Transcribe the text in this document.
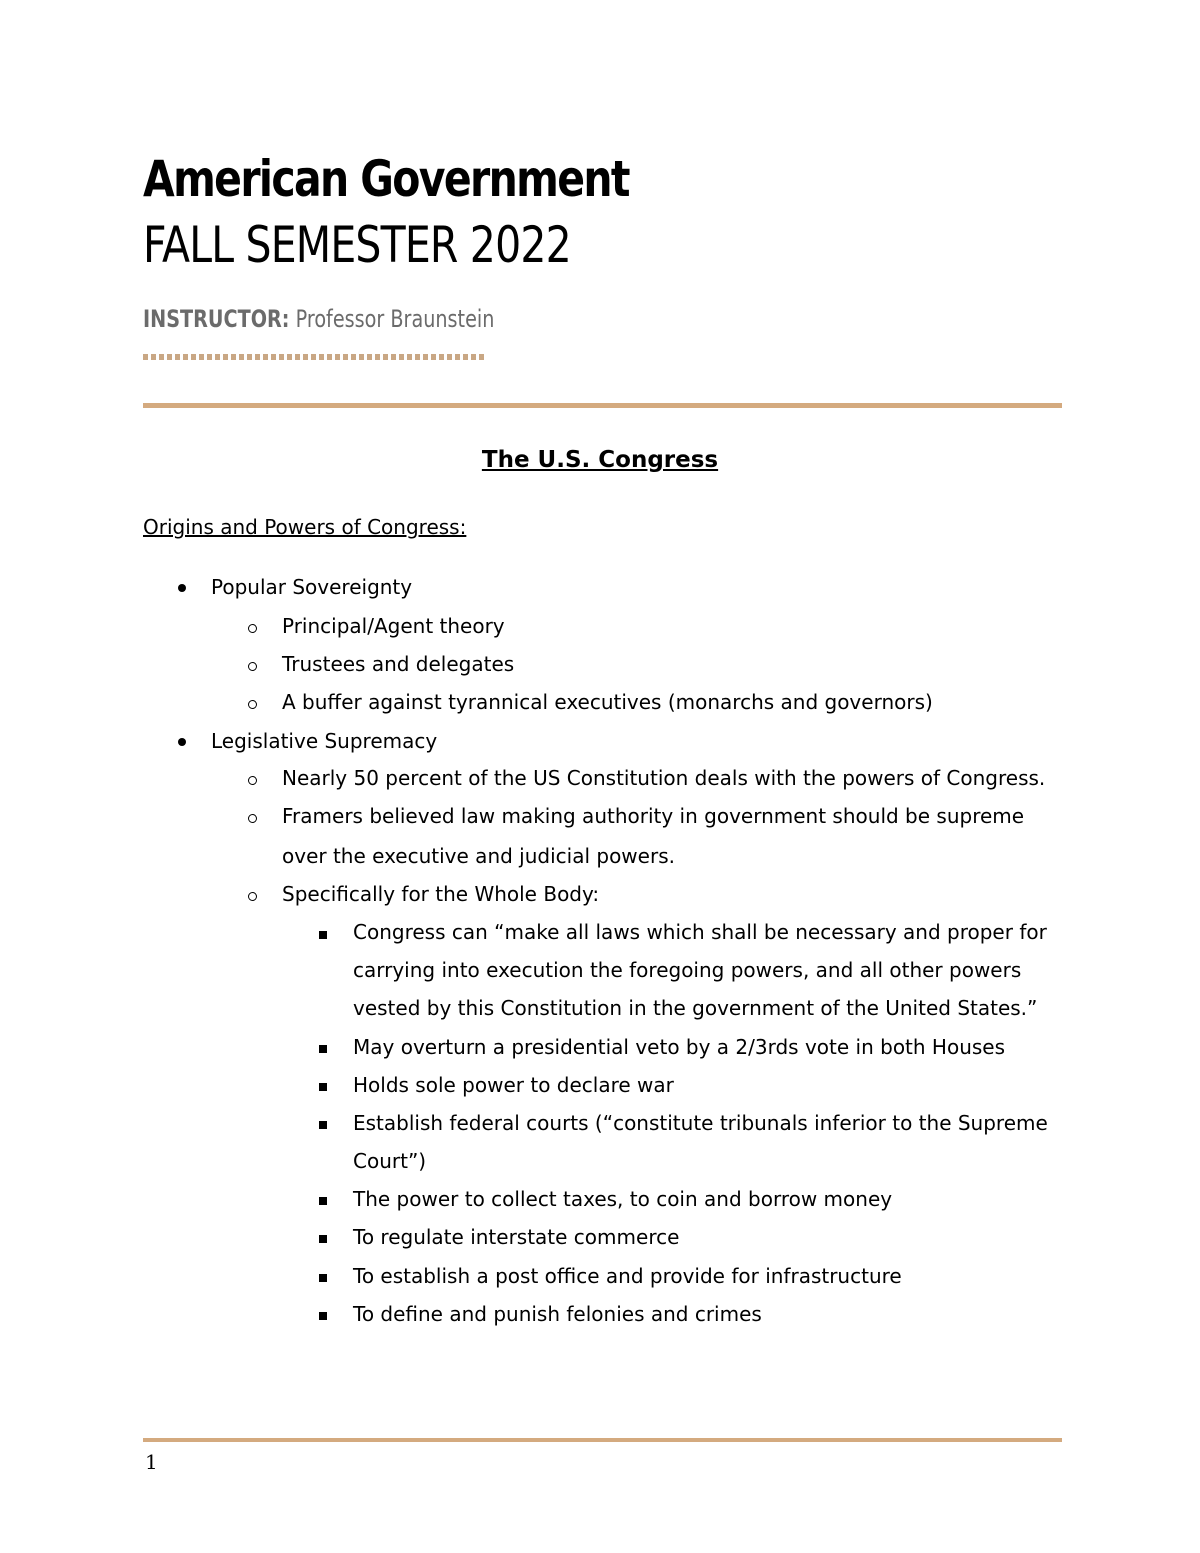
American Government
FALL SEMESTER 2022
INSTRUCTOR: Professor Braunstein
The U.S. Congress
Origins and Powers of Congress:
Popular Sovereignty
Principal/Agent theory
Trustees and delegates
A buffer against tyrannical executives (monarchs and governors)
Legislative Supremacy
Nearly 50 percent of the US Constitution deals with the powers of Congress.
Framers believed law making authority in government should be supreme
over the executive and judicial powers.
Specifically for the Whole Body:
Congress can “make all laws which shall be necessary and proper for
carrying into execution the foregoing powers, and all other powers
vested by this Constitution in the government of the United States.”
May overturn a presidential veto by a 2/3rds vote in both Houses
Holds sole power to declare war
Establish federal courts (“constitute tribunals inferior to the Supreme
Court”)
The power to collect taxes, to coin and borrow money
To regulate interstate commerce
To establish a post office and provide for infrastructure
To define and punish felonies and crimes
1
